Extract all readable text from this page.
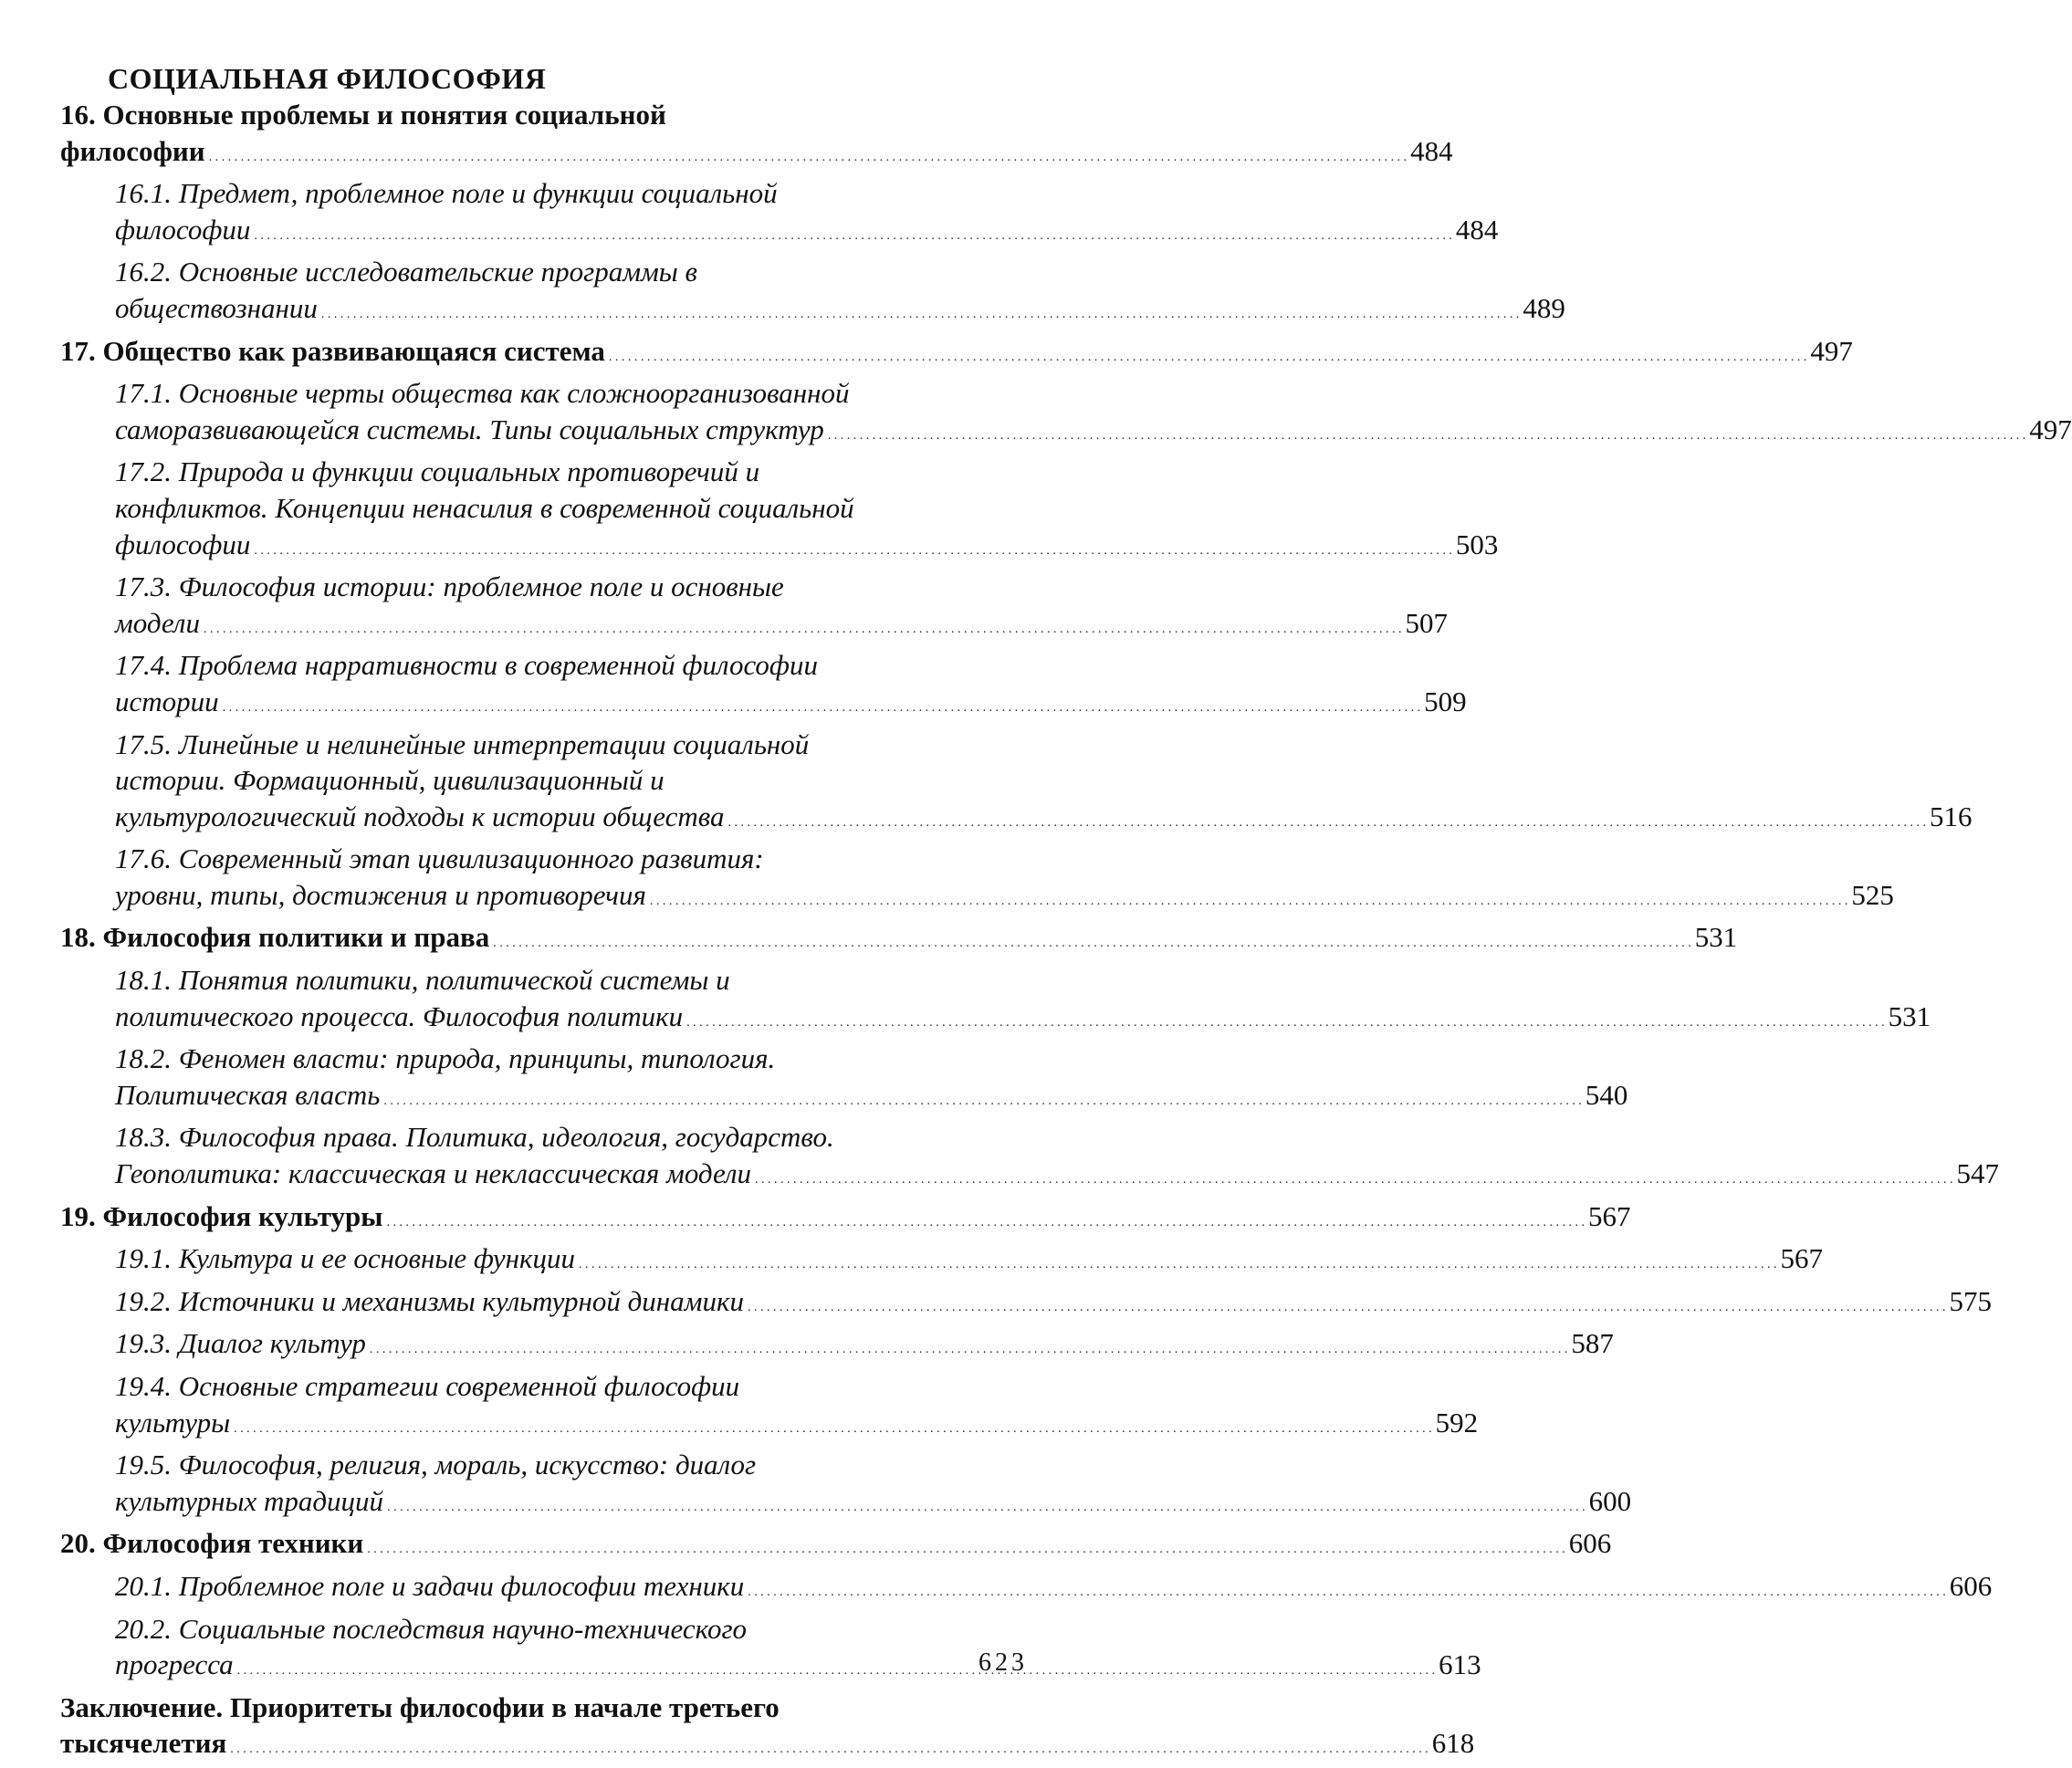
СОЦИАЛЬНАЯ ФИЛОСОФИЯ
16. Основные проблемы и понятия социальной
философии . . .	484
16.1. Предмет, проблемное поле и функции социальной
философии . . .	484
16.2. Основные исследовательские программы в
обществознании . . .	489
17. Общество как развивающаяся система . . .	497
17.1. Основные черты общества как сложноорганизованной
саморазвивающейся системы. Типы социальных структур . . .	497
17.2. Природа и функции социальных противоречий и
конфликтов. Концепции ненасилия в современной социальной
философии . . .	503
17.3. Философия истории: проблемное поле и основные
модели . . .	507
17.4. Проблема нарративности в современной философии
истории . . .	509
17.5. Линейные и нелинейные интерпретации социальной
истории. Формационный, цивилизационный и
культурологический подходы к истории общества . . .	516
17.6. Современный этап цивилизационного развития:
уровни, типы, достижения и противоречия . . .	525
18. Философия политики и права . . .	531
18.1. Понятия политики, политической системы и
политического процесса. Философия политики . . .	531
18.2. Феномен власти: природа, принципы, типология.
Политическая власть . . .	540
18.3. Философия права. Политика, идеология, государство.
Геополитика: классическая и неклассическая модели . . .	547
19. Философия культуры . . .	567
19.1. Культура и ее основные функции . . .	567
19.2. Источники и механизмы культурной динамики . . .	575
19.3. Диалог культур . . .	587
19.4. Основные стратегии современной философии
культуры . . .	592
19.5. Философия, религия, мораль, искусство: диалог
культурных традиций . . .	600
20. Философия техники . . .	606
20.1. Проблемное поле и задачи философии техники . . .	606
20.2. Социальные последствия научно-технического
прогресса . . .	613
Заключение. Приоритеты философии в начале третьего
тысячелетия . . .	618
623
